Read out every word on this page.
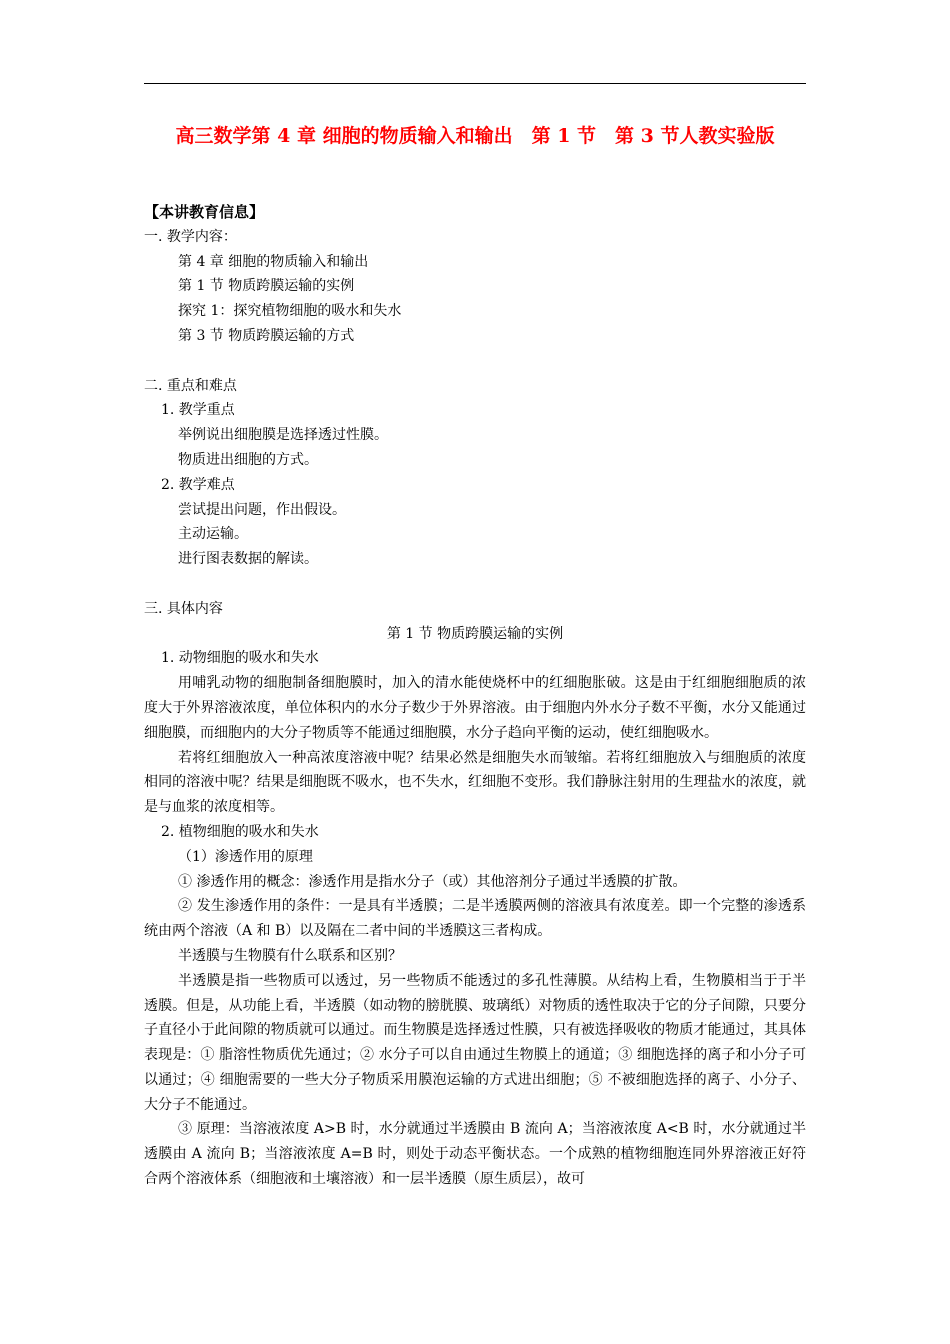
高三数学第 4 章 细胞的物质输入和输出　第 1 节　第 3 节人教实验版
【本讲教育信息】
一. 教学内容：
第 4 章 细胞的物质输入和输出
第 1 节 物质跨膜运输的实例
探究 1：探究植物细胞的吸水和失水
第 3 节 物质跨膜运输的方式
二. 重点和难点
1. 教学重点
举例说出细胞膜是选择透过性膜。
物质进出细胞的方式。
2. 教学难点
尝试提出问题，作出假设。
主动运输。
进行图表数据的解读。
三. 具体内容
第 1 节 物质跨膜运输的实例
1. 动物细胞的吸水和失水
用哺乳动物的细胞制备细胞膜时，加入的清水能使烧杯中的红细胞胀破。这是由于红细胞细胞质的浓度大于外界溶液浓度，单位体积内的水分子数少于外界溶液。由于细胞内外水分子数不平衡，水分又能通过细胞膜，而细胞内的大分子物质等不能通过细胞膜，水分子趋向平衡的运动，使红细胞吸水。
若将红细胞放入一种高浓度溶液中呢？结果必然是细胞失水而皱缩。若将红细胞放入与细胞质的浓度相同的溶液中呢？结果是细胞既不吸水，也不失水，红细胞不变形。我们静脉注射用的生理盐水的浓度，就是与血浆的浓度相等。
2. 植物细胞的吸水和失水
（1）渗透作用的原理
① 渗透作用的概念：渗透作用是指水分子（或）其他溶剂分子通过半透膜的扩散。
② 发生渗透作用的条件：一是具有半透膜；二是半透膜两侧的溶液具有浓度差。即一个完整的渗透系统由两个溶液（A 和 B）以及隔在二者中间的半透膜这三者构成。
半透膜与生物膜有什么联系和区别？
半透膜是指一些物质可以透过，另一些物质不能透过的多孔性薄膜。从结构上看，生物膜相当于于半透膜。但是，从功能上看，半透膜（如动物的膀胱膜、玻璃纸）对物质的透性取决于它的分子间隙，只要分子直径小于此间隙的物质就可以通过。而生物膜是选择透过性膜，只有被选择吸收的物质才能通过，其具体表现是：① 脂溶性物质优先通过；② 水分子可以自由通过生物膜上的通道；③ 细胞选择的离子和小分子可以通过；④ 细胞需要的一些大分子物质采用膜泡运输的方式进出细胞；⑤ 不被细胞选择的离子、小分子、大分子不能通过。
③ 原理：当溶液浓度 A>B 时，水分就通过半透膜由 B 流向 A；当溶液浓度 A<B 时，水分就通过半透膜由 A 流向 B；当溶液浓度 A=B 时，则处于动态平衡状态。一个成熟的植物细胞连同外界溶液正好符合两个溶液体系（细胞液和土壤溶液）和一层半透膜（原生质层），故可
